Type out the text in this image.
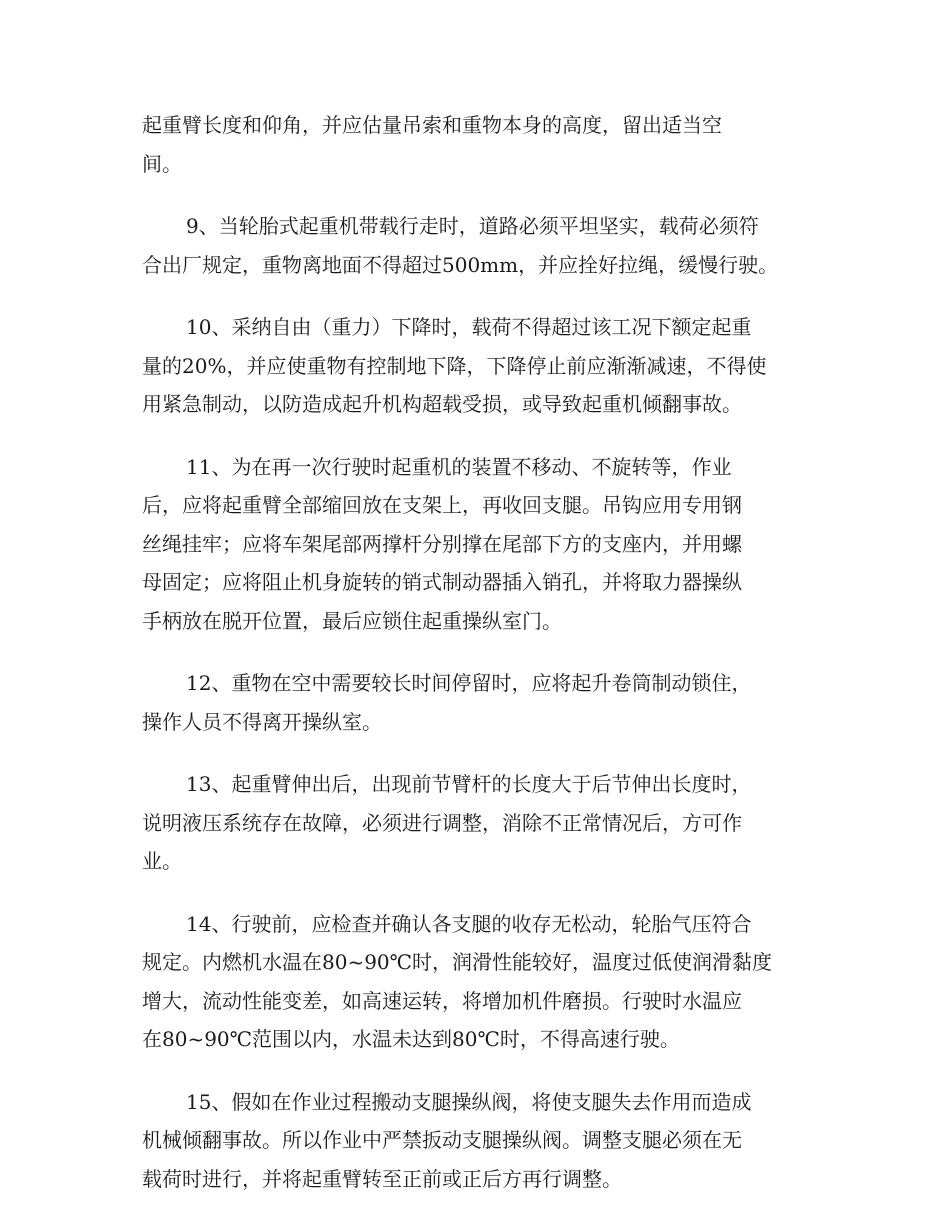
起重臂长度和仰角，并应估量吊索和重物本身的高度，留出适当空
间。
9、当轮胎式起重机带载行走时，道路必须平坦坚实，载荷必须符
合出厂规定，重物离地面不得超过500mm，并应拴好拉绳，缓慢行驶。
10、采纳自由（重力）下降时，载荷不得超过该工况下额定起重
量的20%，并应使重物有控制地下降，下降停止前应渐渐减速，不得使
用紧急制动，以防造成起升机构超载受损，或导致起重机倾翻事故。
11、为在再一次行驶时起重机的装置不移动、不旋转等，作业
后，应将起重臂全部缩回放在支架上，再收回支腿。吊钩应用专用钢
丝绳挂牢；应将车架尾部两撑杆分别撑在尾部下方的支座内，并用螺
母固定；应将阻止机身旋转的销式制动器插入销孔，并将取力器操纵
手柄放在脱开位置，最后应锁住起重操纵室门。
12、重物在空中需要较长时间停留时，应将起升卷筒制动锁住，
操作人员不得离开操纵室。
13、起重臂伸出后，出现前节臂杆的长度大于后节伸出长度时，
说明液压系统存在故障，必须进行调整，消除不正常情况后，方可作
业。
14、行驶前，应检查并确认各支腿的收存无松动，轮胎气压符合
规定。内燃机水温在80~90℃时，润滑性能较好，温度过低使润滑黏度
增大，流动性能变差，如高速运转，将增加机件磨损。行驶时水温应
在80~90℃范围以内，水温未达到80℃时，不得高速行驶。
15、假如在作业过程搬动支腿操纵阀，将使支腿失去作用而造成
机械倾翻事故。所以作业中严禁扳动支腿操纵阀。调整支腿必须在无
载荷时进行，并将起重臂转至正前或正后方再行调整。
